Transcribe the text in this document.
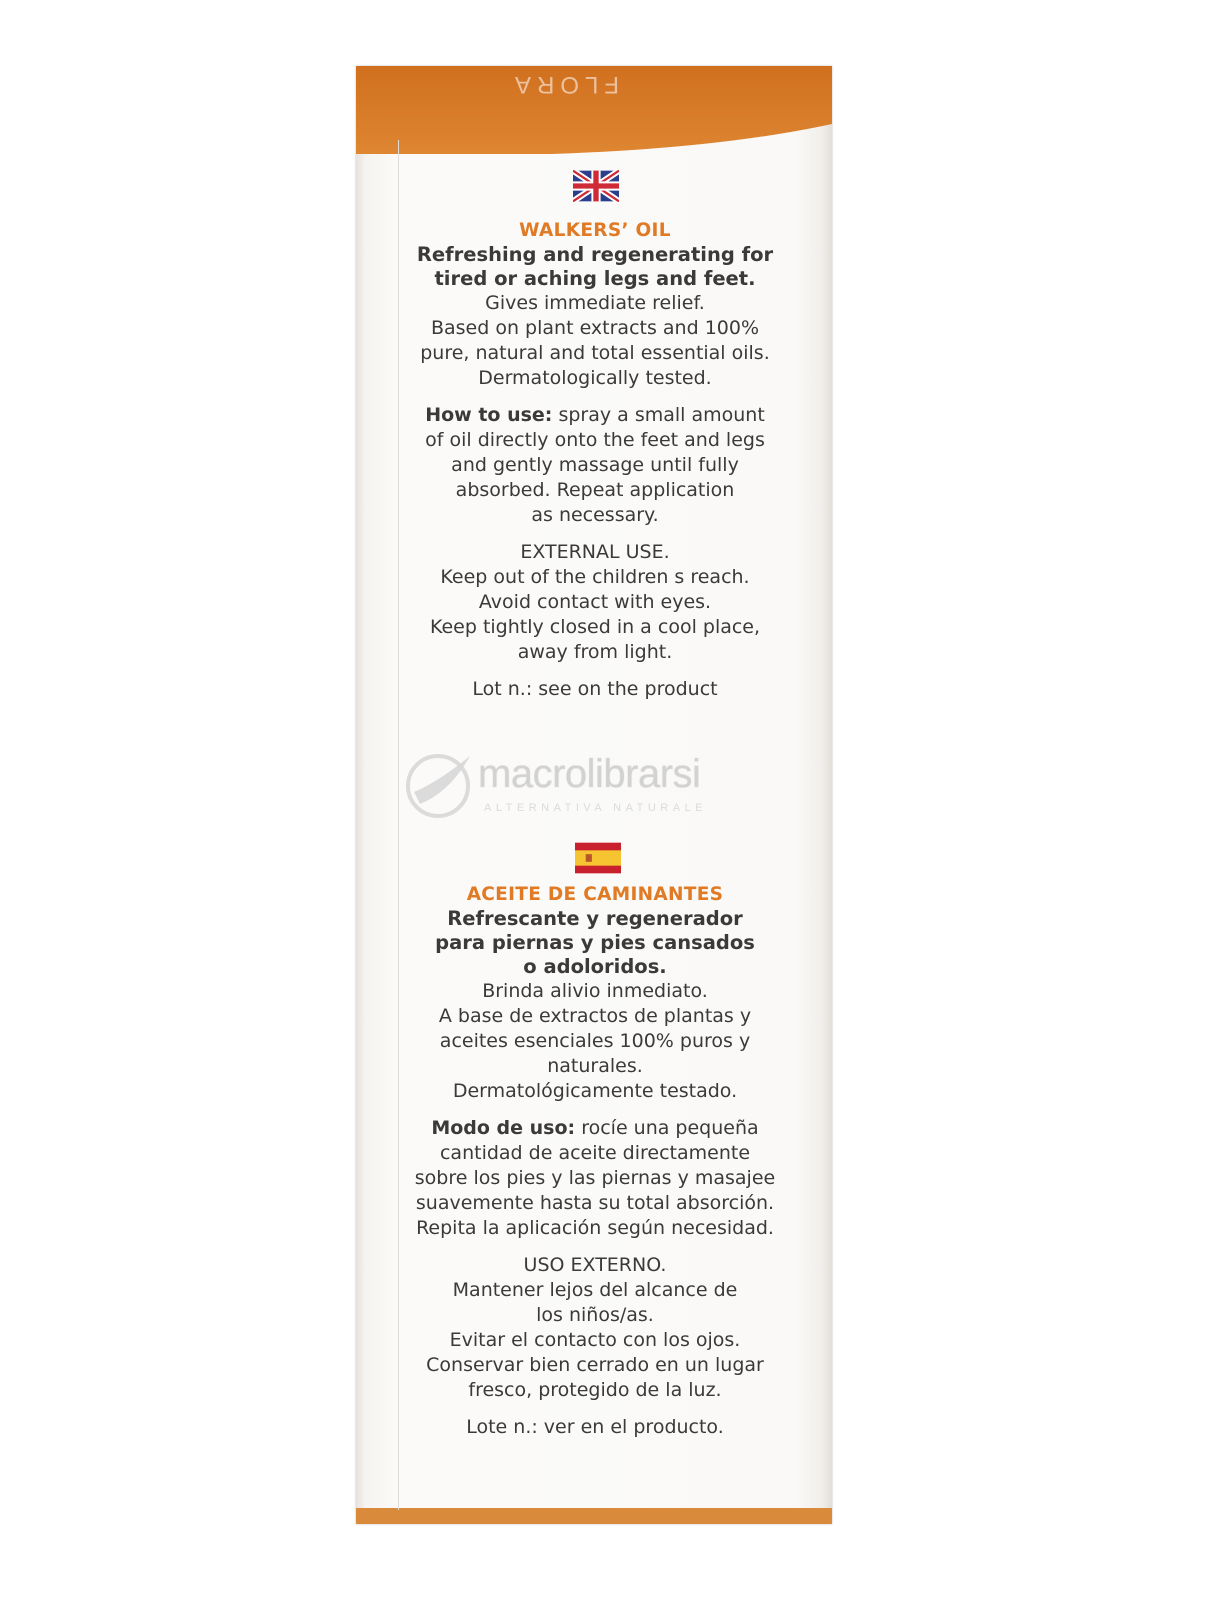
FLORA

WALKERS’ OIL

Refreshing and regenerating for

tired or aching legs and feet.

Gives immediate relief.

Based on plant extracts and 100%

pure, natural and total essential oils.

Dermatologically tested.

How to use: spray a small amount

of oil directly onto the feet and legs

and gently massage until fully

absorbed. Repeat application

as necessary.

EXTERNAL USE.

Keep out of the children s reach.

Avoid contact with eyes.

Keep tightly closed in a cool place,

away from light.

Lot n.: see on the product

macrolibrarsi
ALTERNATIVA NATURALE

ACEITE DE CAMINANTES

Refrescante y regenerador

para piernas y pies cansados

o adoloridos.

Brinda alivio inmediato.

A base de extractos de plantas y

aceites esenciales 100% puros y

naturales.

Dermatológicamente testado.

Modo de uso: rocíe una pequeña

cantidad de aceite directamente

sobre los pies y las piernas y masajee

suavemente hasta su total absorción.

Repita la aplicación según necesidad.

USO EXTERNO.

Mantener lejos del alcance de

los niños/as.

Evitar el contacto con los ojos.

Conservar bien cerrado en un lugar

fresco, protegido de la luz.

Lote n.: ver en el producto.
